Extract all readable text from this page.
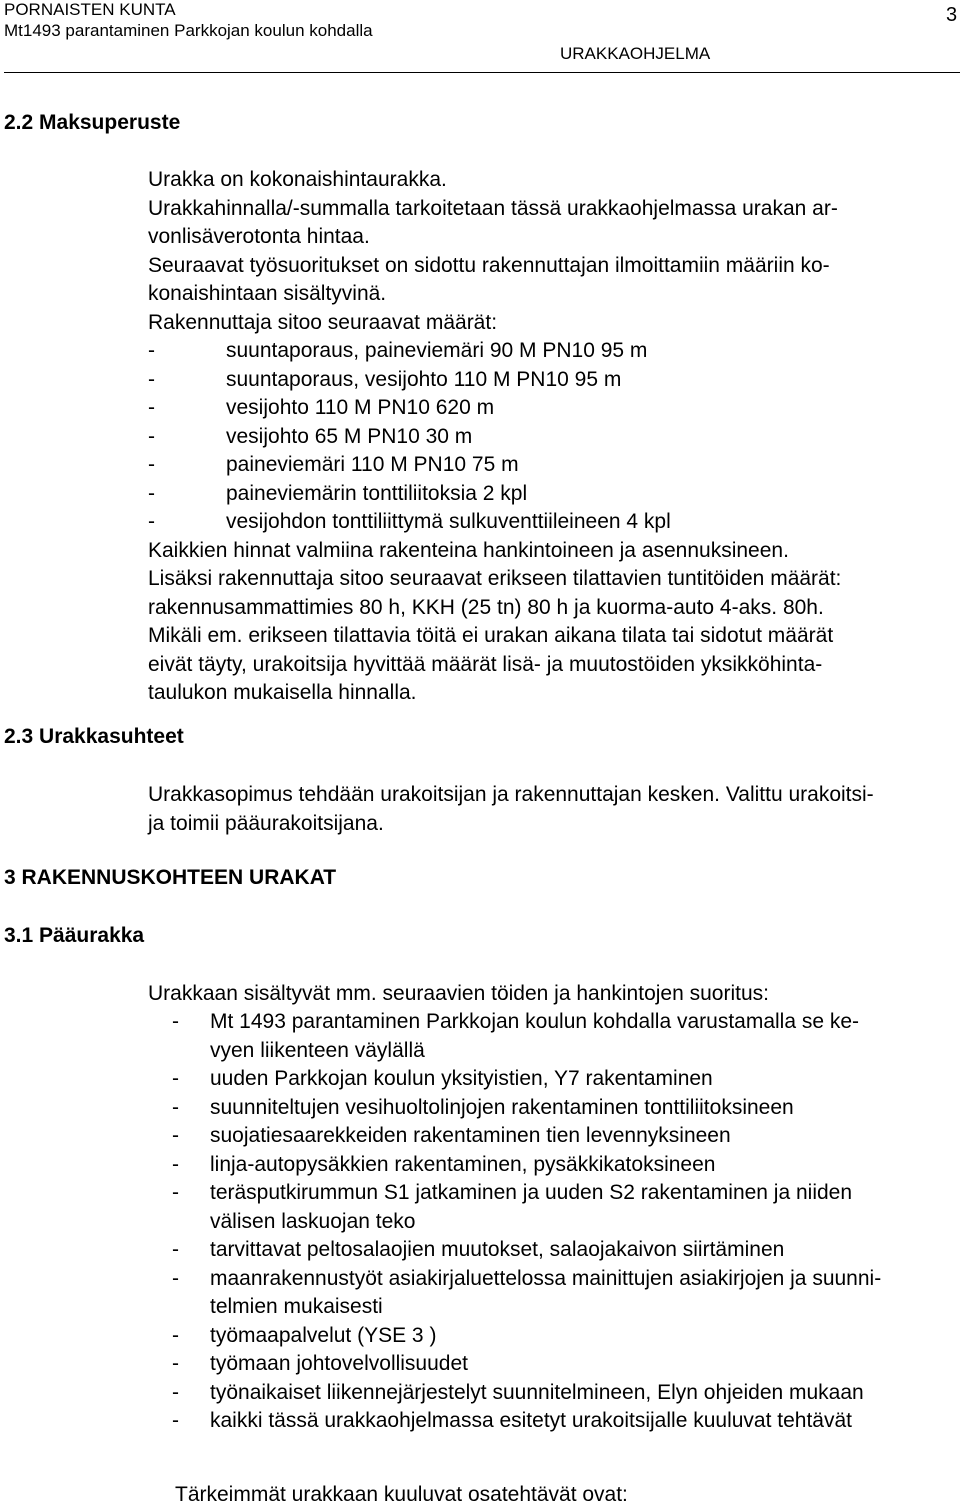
PORNAISTEN KUNTA
Mt1493 parantaminen Parkkojan koulun kohdalla
URAKKAOHJELMA
3
2.2 Maksuperuste
Urakka on kokonaishintaurakka.
Urakkahinnalla/-summalla tarkoitetaan tässä urakkaohjelmassa urakan ar-
vonlisäverotonta hintaa.
Seuraavat työsuoritukset on sidottu rakennuttajan ilmoittamiin määriin ko-
konaishintaan sisältyvinä.
Rakennuttaja sitoo seuraavat määrät:
-	suuntaporaus, paineviemäri 90 M PN10 95 m
-	suuntaporaus, vesijohto 110 M PN10 95 m
-	vesijohto 110 M PN10 620 m
-	vesijohto 65 M PN10 30 m
-	paineviemäri 110 M PN10 75 m
-	paineviemärin tonttiliitoksia 2 kpl
-	vesijohdon tonttiliittymä sulkuventtiileineen 4 kpl
Kaikkien hinnat valmiina rakenteina hankintoineen ja asennuksineen.
Lisäksi rakennuttaja sitoo seuraavat erikseen tilattavien tuntitöiden määrät:
rakennusammattimies 80 h, KKH (25 tn) 80 h ja kuorma-auto 4-aks. 80h.
Mikäli em. erikseen tilattavia töitä ei urakan aikana tilata tai sidotut määrät
eivät täyty, urakoitsija hyvittää määrät lisä- ja muutostöiden yksikköhinta-
taulukon mukaisella hinnalla.
2.3 Urakkasuhteet
Urakkasopimus tehdään urakoitsijan ja rakennuttajan kesken. Valittu urakoitsi-
ja toimii pääurakoitsijana.
3 RAKENNUSKOHTEEN URAKAT
3.1 Pääurakka
Urakkaan sisältyvät mm. seuraavien töiden ja hankintojen suoritus:
- Mt 1493 parantaminen Parkkojan koulun kohdalla varustamalla se ke-
vyen liikenteen väylällä
- uuden Parkkojan koulun yksityistien, Y7 rakentaminen
- suunniteltujen vesihuoltolinjojen rakentaminen tonttiliitoksineen
- suojatiesaarekkeiden rakentaminen tien levennyksineen
- linja-autopysäkkien rakentaminen, pysäkkikatoksineen
- teräsputkirummun S1 jatkaminen ja uuden S2 rakentaminen ja niiden
välisen laskuojan teko
- tarvittavat peltosalaojien muutokset, salaojakaivon siirtäminen
- maanrakennustyöt asiakirjaluettelossa mainittujen asiakirjojen ja suunni-
telmien mukaisesti
- työmaapalvelut (YSE 3 )
- työmaan johtovelvollisuudet
- työnaikaiset liikennejärjestelyt suunnitelmineen, Elyn ohjeiden mukaan
- kaikki tässä urakkaohjelmassa esitetyt urakoitsijalle kuuluvat tehtävät
Tärkeimmät urakkaan kuuluvat osatehtävät ovat:
